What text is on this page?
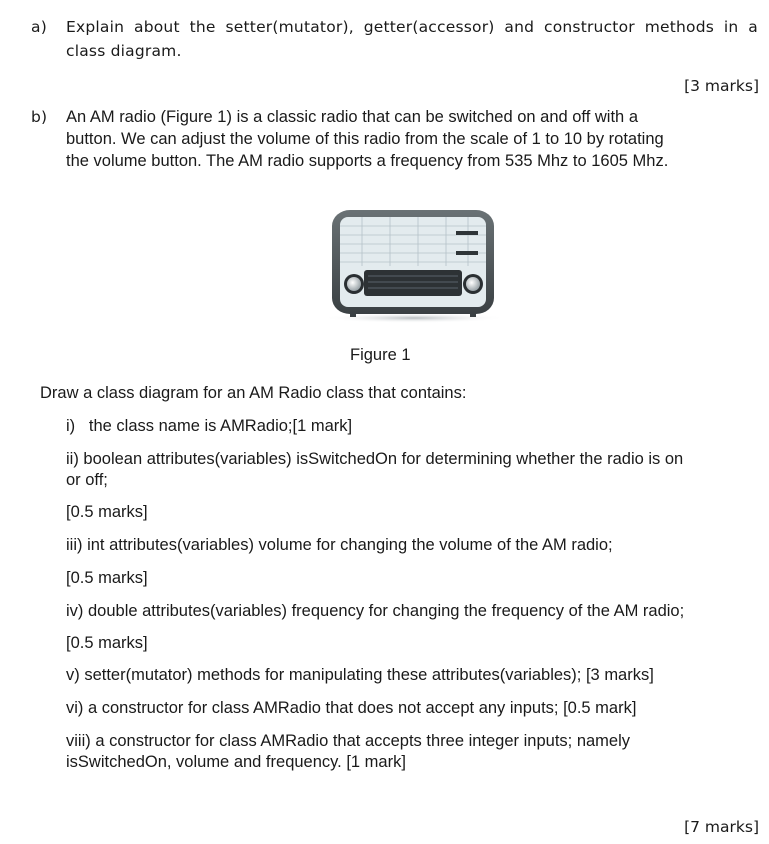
a) Explain about the setter(mutator), getter(accessor) and constructor methods in a
class diagram.
[3 marks]
b) An AM radio (Figure 1) is a classic radio that can be switched on and off with a
button. We can adjust the volume of this radio from the scale of 1 to 10 by rotating
the volume button. The AM radio supports a frequency from 535 Mhz to 1605 Mhz.
Figure 1
Draw a class diagram for an AM Radio class that contains:
i)   the class name is AMRadio;[1 mark]
ii) boolean attributes(variables) isSwitchedOn for determining whether the radio is on
or off;
[0.5 marks]
iii) int attributes(variables) volume for changing the volume of the AM radio;
[0.5 marks]
iv) double attributes(variables) frequency for changing the frequency of the AM radio;
[0.5 marks]
v) setter(mutator) methods for manipulating these attributes(variables); [3 marks]
vi) a constructor for class AMRadio that does not accept any inputs; [0.5 mark]
viii) a constructor for class AMRadio that accepts three integer inputs; namely
isSwitchedOn, volume and frequency. [1 mark]
[7 marks]
